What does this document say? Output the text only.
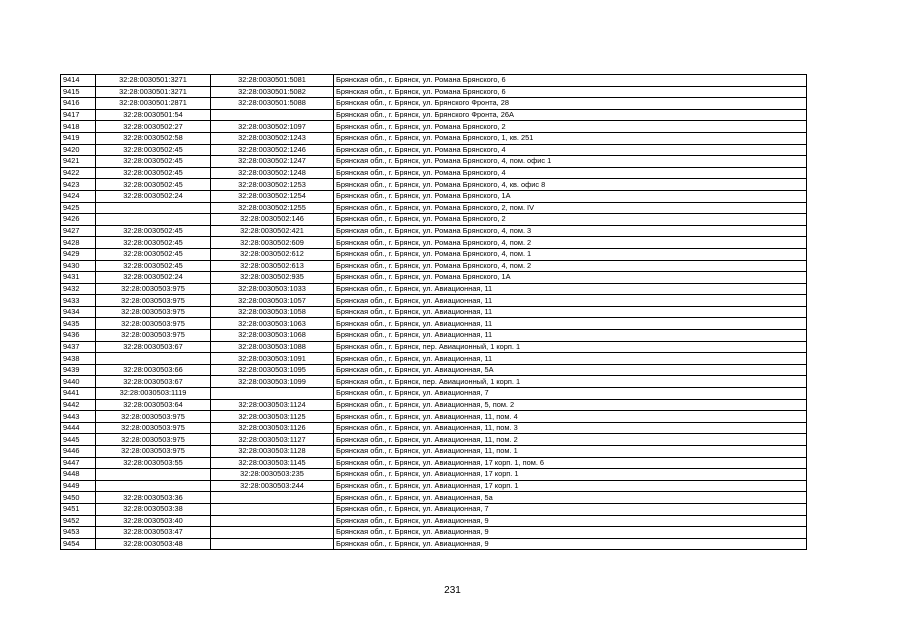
9414	32:28:0030501:3271	32:28:0030501:5081	Брянская обл., г. Брянск, ул. Романа Брянского, 6
9415	32:28:0030501:3271	32:28:0030501:5082	Брянская обл., г. Брянск, ул. Романа Брянского, 6
9416	32:28:0030501:2871	32:28:0030501:5088	Брянская обл., г. Брянск, ул. Брянского Фронта, 28
9417	32:28:0030501:54		Брянская обл., г. Брянск, ул. Брянского Фронта, 26А
9418	32:28:0030502:27	32:28:0030502:1097	Брянская обл., г. Брянск, ул. Романа Брянского, 2
9419	32:28:0030502:58	32:28:0030502:1243	Брянская обл., г. Брянск, ул. Романа Брянского, 1, кв. 251
9420	32:28:0030502:45	32:28:0030502:1246	Брянская обл., г. Брянск, ул. Романа Брянского, 4
9421	32:28:0030502:45	32:28:0030502:1247	Брянская обл., г. Брянск, ул. Романа Брянского, 4, пом. офис 1
9422	32:28:0030502:45	32:28:0030502:1248	Брянская обл., г. Брянск, ул. Романа Брянского, 4
9423	32:28:0030502:45	32:28:0030502:1253	Брянская обл., г. Брянск, ул. Романа Брянского, 4, кв. офис 8
9424	32:28:0030502:24	32:28:0030502:1254	Брянская обл., г. Брянск, ул. Романа Брянского, 1А
9425		32:28:0030502:1255	Брянская обл., г. Брянск, ул. Романа Брянского, 2, пом. IV
9426		32:28:0030502:146	Брянская обл., г. Брянск, ул. Романа Брянского, 2
9427	32:28:0030502:45	32:28:0030502:421	Брянская обл., г. Брянск, ул. Романа Брянского, 4, пом. 3
9428	32:28:0030502:45	32:28:0030502:609	Брянская обл., г. Брянск, ул. Романа Брянского, 4, пом. 2
9429	32:28:0030502:45	32:28:0030502:612	Брянская обл., г. Брянск, ул. Романа Брянского, 4, пом. 1
9430	32:28:0030502:45	32:28:0030502:613	Брянская обл., г. Брянск, ул. Романа Брянского, 4, пом. 2
9431	32:28:0030502:24	32:28:0030502:935	Брянская обл., г. Брянск, ул. Романа Брянского, 1А
9432	32:28:0030503:975	32:28:0030503:1033	Брянская обл., г. Брянск, ул. Авиационная, 11
9433	32:28:0030503:975	32:28:0030503:1057	Брянская обл., г. Брянск, ул. Авиационная, 11
9434	32:28:0030503:975	32:28:0030503:1058	Брянская обл., г. Брянск, ул. Авиационная, 11
9435	32:28:0030503:975	32:28:0030503:1063	Брянская обл., г. Брянск, ул. Авиационная, 11
9436	32:28:0030503:975	32:28:0030503:1068	Брянская обл., г. Брянск, ул. Авиационная, 11
9437	32:28:0030503:67	32:28:0030503:1088	Брянская обл., г. Брянск, пер. Авиационный, 1 корп. 1
9438		32:28:0030503:1091	Брянская обл., г. Брянск, ул. Авиационная, 11
9439	32:28:0030503:66	32:28:0030503:1095	Брянская обл., г. Брянск, ул. Авиационная, 5А
9440	32:28:0030503:67	32:28:0030503:1099	Брянская обл., г. Брянск, пер. Авиационный, 1 корп. 1
9441	32:28:0030503:1119		Брянская обл., г. Брянск, ул. Авиационная, 7
9442	32:28:0030503:64	32:28:0030503:1124	Брянская обл., г. Брянск, ул. Авиационная, 5, пом. 2
9443	32:28:0030503:975	32:28:0030503:1125	Брянская обл., г. Брянск, ул. Авиационная, 11, пом. 4
9444	32:28:0030503:975	32:28:0030503:1126	Брянская обл., г. Брянск, ул. Авиационная, 11, пом. 3
9445	32:28:0030503:975	32:28:0030503:1127	Брянская обл., г. Брянск, ул. Авиационная, 11, пом. 2
9446	32:28:0030503:975	32:28:0030503:1128	Брянская обл., г. Брянск, ул. Авиационная, 11, пом. 1
9447	32:28:0030503:55	32:28:0030503:1145	Брянская обл., г. Брянск, ул. Авиационная, 17 корп. 1, пом. 6
9448		32:28:0030503:235	Брянская обл., г. Брянск, ул. Авиационная, 17 корп. 1
9449		32:28:0030503:244	Брянская обл., г. Брянск, ул. Авиационная, 17 корп. 1
9450	32:28:0030503:36		Брянская обл., г. Брянск, ул. Авиационная, 5а
9451	32:28:0030503:38		Брянская обл., г. Брянск, ул. Авиационная, 7
9452	32:28:0030503:40		Брянская обл., г. Брянск, ул. Авиационная, 9
9453	32:28:0030503:47		Брянская обл., г. Брянск, ул. Авиационная, 9
9454	32:28:0030503:48		Брянская обл., г. Брянск, ул. Авиационная, 9
231
